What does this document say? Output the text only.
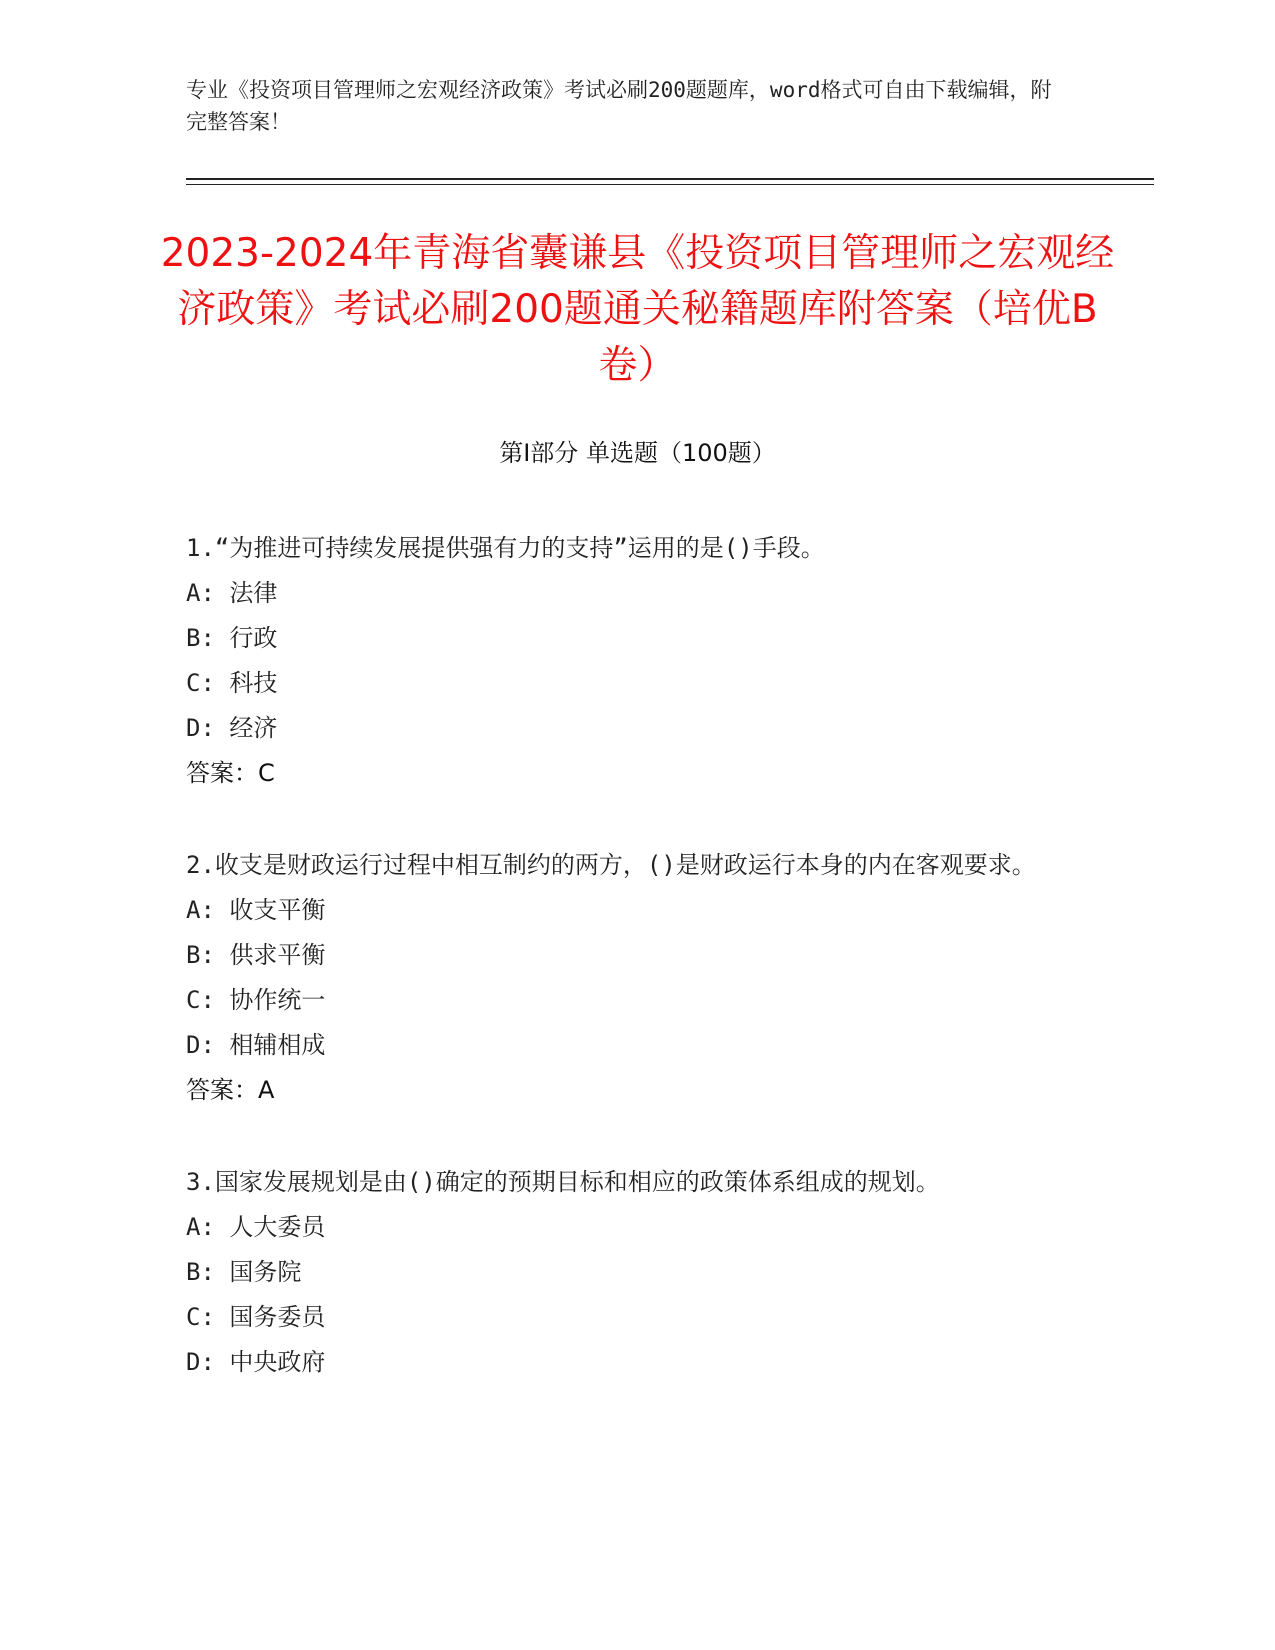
专业《投资项目管理师之宏观经济政策》考试必刷200题题库，word格式可自由下载编辑，附完整答案！
2023-2024年青海省囊谦县《投资项目管理师之宏观经济政策》考试必刷200题通关秘籍题库附答案（培优B卷）
第Ⅰ部分 单选题（100题）
1.“为推进可持续发展提供强有力的支持”运用的是()手段。
A: 法律
B: 行政
C: 科技
D: 经济
答案：C
2.收支是财政运行过程中相互制约的两方，()是财政运行本身的内在客观要求。
A: 收支平衡
B: 供求平衡
C: 协作统一
D: 相辅相成
答案：A
3.国家发展规划是由()确定的预期目标和相应的政策体系组成的规划。
A: 人大委员
B: 国务院
C: 国务委员
D: 中央政府
